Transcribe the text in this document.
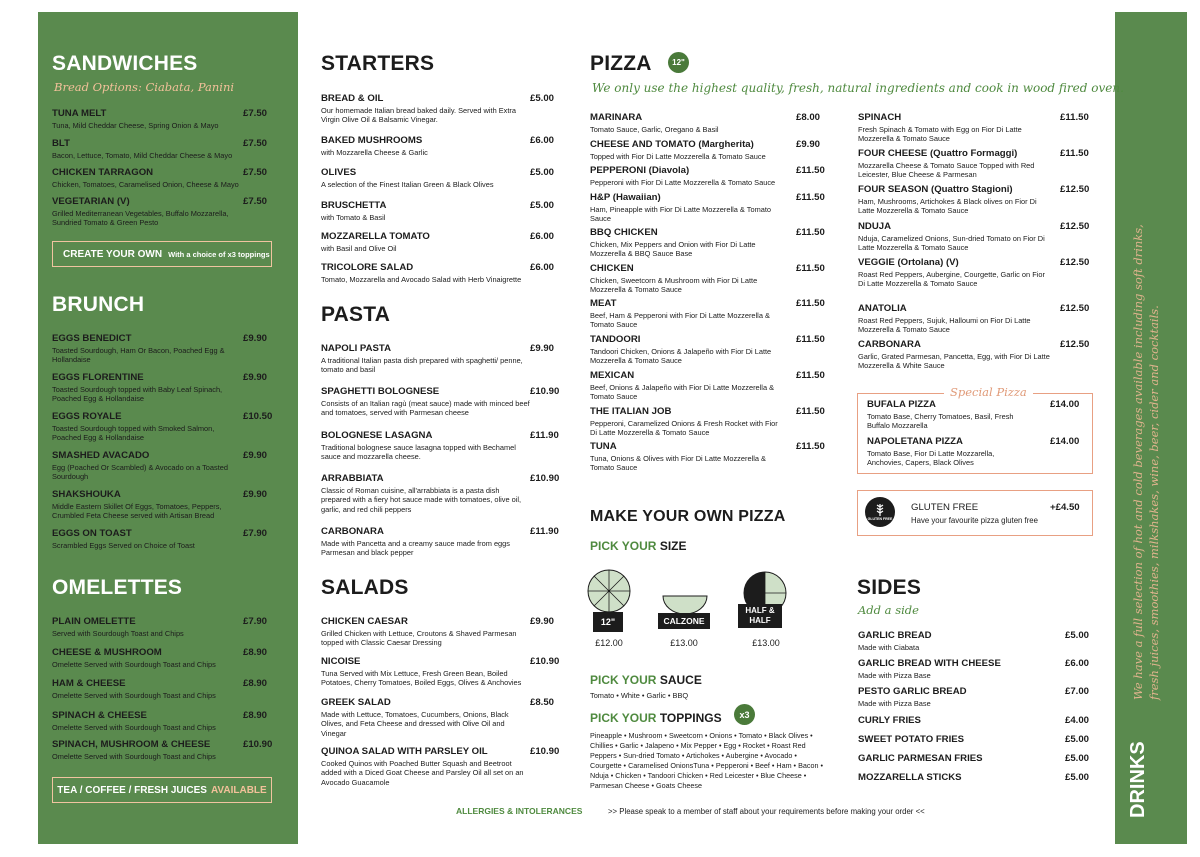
SANDWICHES
Bread Options: Ciabata, Panini
TUNA MELT
Tuna, Mild Cheddar Cheese, Spring Onion & Mayo
£7.50
BLT
Bacon, Lettuce, Tomato, Mild Cheddar Cheese & Mayo
£7.50
CHICKEN TARRAGON
Chicken, Tomatoes, Caramelised Onion, Cheese & Mayo
£7.50
VEGETARIAN (V)
Grilled Mediterranean Vegetables, Buffalo Mozzarella, Sundried Tomato & Green Pesto
£7.50
CREATE YOUR OWN With a choice of x3 toppings
BRUNCH
EGGS BENEDICT
Toasted Sourdough, Ham Or Bacon, Poached Egg & Hollandaise
£9.90
EGGS FLORENTINE
Toasted Sourdough topped with Baby Leaf Spinach, Poached Egg & Hollandaise
£9.90
EGGS ROYALE
Toasted Sourdough topped with Smoked Salmon, Poached Egg & Hollandaise
£10.50
SMASHED AVACADO
Egg (Poached Or Scambled) & Avocado on a Toasted Sourdough
£9.90
SHAKSHOUKA
Middle Eastern Skillet Of Eggs, Tomatoes, Peppers, Crumbled Feta Cheese served with Artisan Bread
£9.90
EGGS ON TOAST
Scrambled Eggs Served on Choice of Toast
£7.90
OMELETTES
PLAIN OMELETTE
Served with Sourdough Toast and Chips
£7.90
CHEESE & MUSHROOM
Omelette Served with Sourdough Toast and Chips
£8.90
HAM & CHEESE
Omelette Served with Sourdough Toast and Chips
£8.90
SPINACH & CHEESE
Omelette Served with Sourdough Toast and Chips
£8.90
SPINACH, MUSHROOM & CHEESE
Omelette Served with Sourdough Toast and Chips
£10.90
TEA / COFFEE / FRESH JUICES AVAILABLE
STARTERS
BREAD & OIL
Our homemade Italian bread baked daily. Served with Extra Virgin Olive Oil & Balsamic Vinegar.
£5.00
BAKED MUSHROOMS
with Mozzarella Cheese & Garlic
£6.00
OLIVES
A selection of the Finest Italian Green & Black Olives
£5.00
BRUSCHETTA
with Tomato & Basil
£5.00
MOZZARELLA TOMATO
with Basil and Olive Oil
£6.00
TRICOLORE SALAD
Tomato, Mozzarella and Avocado Salad with Herb Vinaigrette
£6.00
PASTA
NAPOLI PASTA
A traditional Italian pasta dish prepared with spaghetti/ penne, tomato and basil
£9.90
SPAGHETTI BOLOGNESE
Consists of an Italian ragù (meat sauce) made with minced beef and tomatoes, served with Parmesan cheese
£10.90
BOLOGNESE LASAGNA
Traditional bolognese sauce lasagna topped with Bechamel sauce and mozzarella cheese.
£11.90
ARRABBIATA
Classic of Roman cuisine, all'arrabbiata is a pasta dish prepared with a fiery hot sauce made with tomatoes, olive oil, garlic, and red chili peppers
£10.90
CARBONARA
Made with Pancetta and a creamy sauce made from eggs Parmesan and black pepper
£11.90
SALADS
CHICKEN CAESAR
Grilled Chicken with Lettuce, Croutons & Shaved Parmesan topped with Classic Caesar Dressing
£9.90
NICOISE
Tuna Served with Mix Lettuce, Fresh Green Bean, Boiled Potatoes, Cherry Tomatoes, Boiled Eggs, Olives & Anchovies
£10.90
GREEK SALAD
Made with Lettuce, Tomatoes, Cucumbers, Onions, Black Olives, and Feta Cheese and dressed with Olive Oil and Vinegar
£8.50
QUINOA SALAD WITH PARSLEY OIL
Cooked Quinos with Poached Butter Squash and Beetroot added with a Diced Goat Cheese and Parsley Oil all set on an Avocado Guacamole
£10.90
PIZZA	12"
We only use the highest quality, fresh, natural ingredients and cook in wood fired oven.
MARINARA
Tomato Sauce, Garlic, Oregano & Basil
£8.00
CHEESE AND TOMATO (Margherita)
Topped with Fior Di Latte Mozzerella & Tomato Sauce
£9.90
PEPPERONI (Diavola)
Pepperoni with Fior Di Latte Mozzerella & Tomato Sauce
£11.50
H&P (Hawaiian)
Ham, Pineapple with Fior Di Latte Mozzerella & Tomato Sauce
£11.50
BBQ CHICKEN
Chicken, Mix Peppers and Onion with Fior Di Latte Mozzerella & BBQ Sauce Base
£11.50
CHICKEN
Chicken, Sweetcorn & Mushroom with Fior Di Latte Mozzerella & Tomato Sauce
£11.50
MEAT
Beef, Ham & Pepperoni with Fior Di Latte Mozzerella & Tomato Sauce
£11.50
TANDOORI
Tandoori Chicken, Onions & Jalapeño with Fior Di Latte Mozzerella & Tomato Sauce
£11.50
MEXICAN
Beef, Onions & Jalapeño with Fior Di Latte Mozzerella & Tomato Sauce
£11.50
THE ITALIAN JOB
Pepperoni, Caramelized Onions & Fresh Rocket with Fior Di Latte Mozzerella & Tomato Sauce
£11.50
TUNA
Tuna, Onions & Olives with Fior Di Latte Mozzerella & Tomato Sauce
£11.50
SPINACH
Fresh Spinach & Tomato with Egg on Fior Di Latte Mozzerella & Tomato Sauce
£11.50
FOUR CHEESE (Quattro Formaggi)
Mozzarella Cheese & Tomato Sauce Topped with Red Leicester, Blue Cheese & Parmesan
£11.50
FOUR SEASON (Quattro Stagioni)
Ham, Mushrooms, Artichokes & Black olives on Fior Di Latte Mozzerella & Tomato Sauce
£12.50
NDUJA
Nduja, Caramelized Onions, Sun-dried Tomato on Fior Di Latte Mozzerella & Tomato Sauce
£12.50
VEGGIE (Ortolana) (V)
Roast Red Peppers, Aubergine, Courgette, Garlic on Fior Di Latte Mozzerella & Tomato Sauce
£12.50
ANATOLIA
Roast Red Peppers, Sujuk, Halloumi on Fior Di Latte Mozzerella & Tomato Sauce
£12.50
CARBONARA
Garlic, Grated Parmesan, Pancetta, Egg, with Fior Di Latte Mozzerella & White Sauce
£12.50
Special Pizza
BUFALA PIZZA
Tomato Base, Cherry Tomatoes, Basil, Fresh Buffalo Mozzarella
£14.00
NAPOLETANA PIZZA
Tomato Base, Fior Di Latte Mozzarella, Anchovies, Capers, Black Olives
£14.00
GLUTEN FREE
GLUTEN FREE
Have your favourite pizza gluten free
+£4.50
MAKE YOUR OWN PIZZA
PICK YOUR SIZE
12"
£12.00
CALZONE
£13.00
HALF & HALF
£13.00
PICK YOUR SAUCE
Tomato • White • Garlic • BBQ
PICK YOUR TOPPINGS	x3
Pineapple • Mushroom • Sweetcorn • Onions • Tomato • Black Olives • Chillies • Garlic • Jalapeno • Mix Pepper • Egg • Rocket • Roast Red Peppers • Sun-dried Tomato • Artichokes • Aubergine • Avocado • Courgette • Caramelised OnionsTuna • Pepperoni • Beef • Ham • Bacon • Nduja • Chicken • Tandoori Chicken • Red Leicester • Blue Cheese • Parmesan Cheese • Goats Cheese
SIDES
Add a side
GARLIC BREAD
Made with Ciabata
£5.00
GARLIC BREAD WITH CHEESE
Made with Pizza Base
£6.00
PESTO GARLIC BREAD
Made with Pizza Base
£7.00
CURLY FRIES	£4.00
SWEET POTATO FRIES	£5.00
GARLIC PARMESAN FRIES	£5.00
MOZZARELLA STICKS	£5.00
ALLERGIES & INTOLERANCES	>> Please speak to a member of staff about your requirements before making your order <<	DRINKS
We have a full selection of hot and cold beverages available including soft drinks, fresh juices, smoothies, milkshakes, wine, beer, cider and cocktails.
